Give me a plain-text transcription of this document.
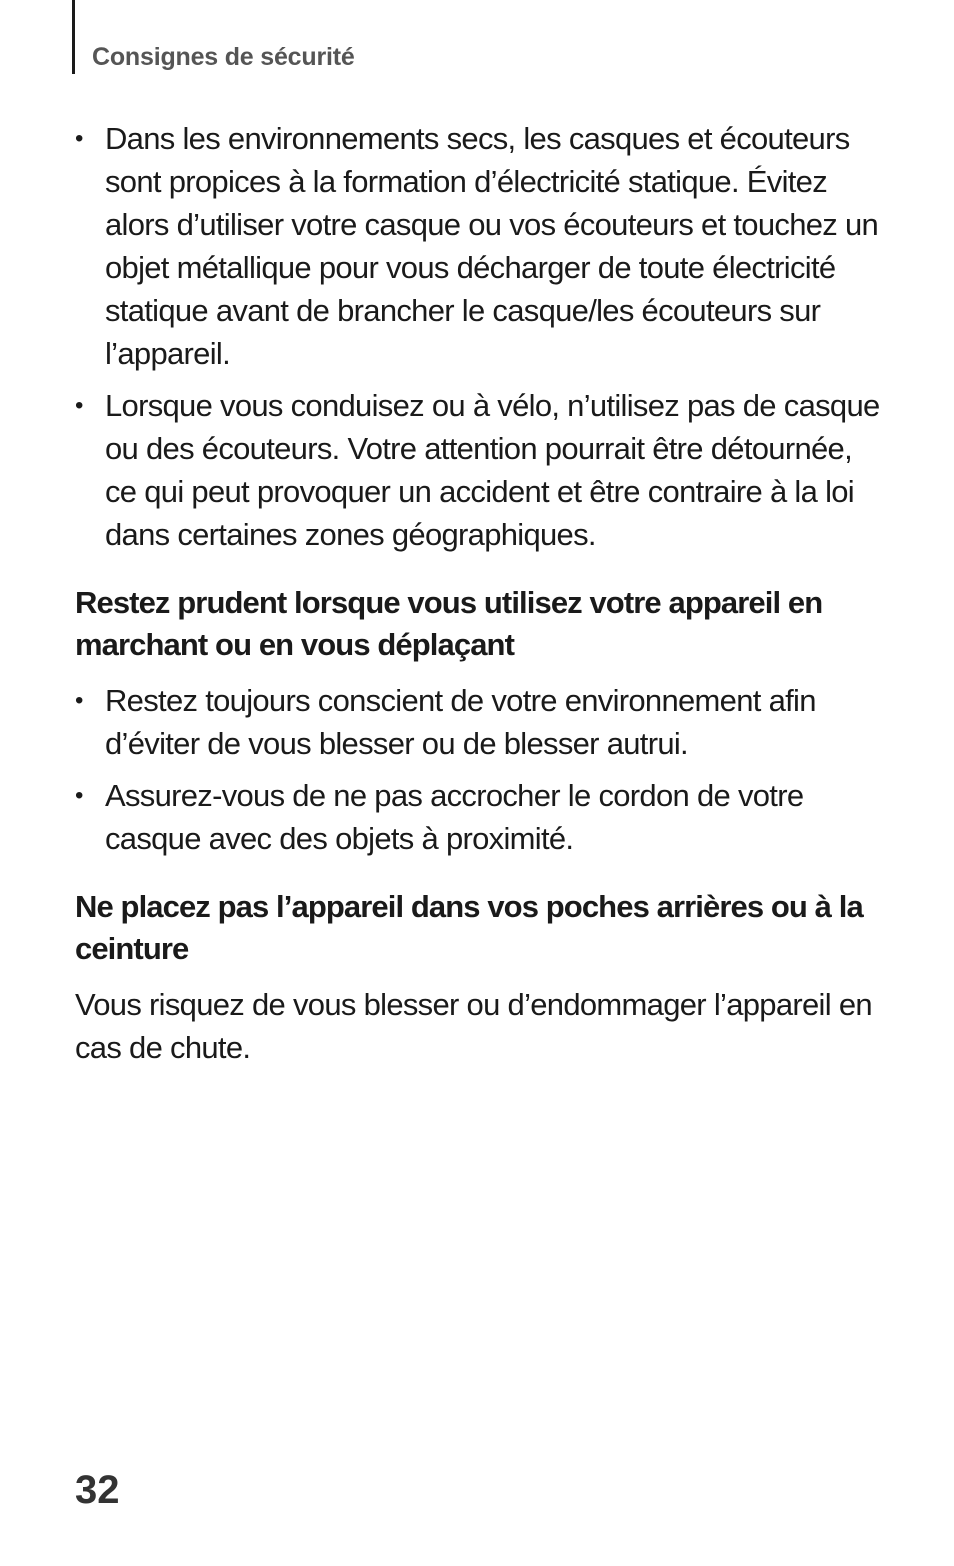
Consignes de sécurité
• Dans les environnements secs, les casques et écouteurs sont propices à la formation d’électricité statique. Évitez alors d’utiliser votre casque ou vos écouteurs et touchez un objet métallique pour vous décharger de toute électricité statique avant de brancher le casque/les écouteurs sur l’appareil.
• Lorsque vous conduisez ou à vélo, n’utilisez pas de casque ou des écouteurs. Votre attention pourrait être détournée, ce qui peut provoquer un accident et être contraire à la loi dans certaines zones géographiques.
Restez prudent lorsque vous utilisez votre appareil en marchant ou en vous déplaçant
• Restez toujours conscient de votre environnement afin d’éviter de vous blesser ou de blesser autrui.
• Assurez-vous de ne pas accrocher le cordon de votre casque avec des objets à proximité.
Ne placez pas l’appareil dans vos poches arrières ou à la ceinture

Vous risquez de vous blesser ou d’endommager l’appareil en cas de chute.

32
